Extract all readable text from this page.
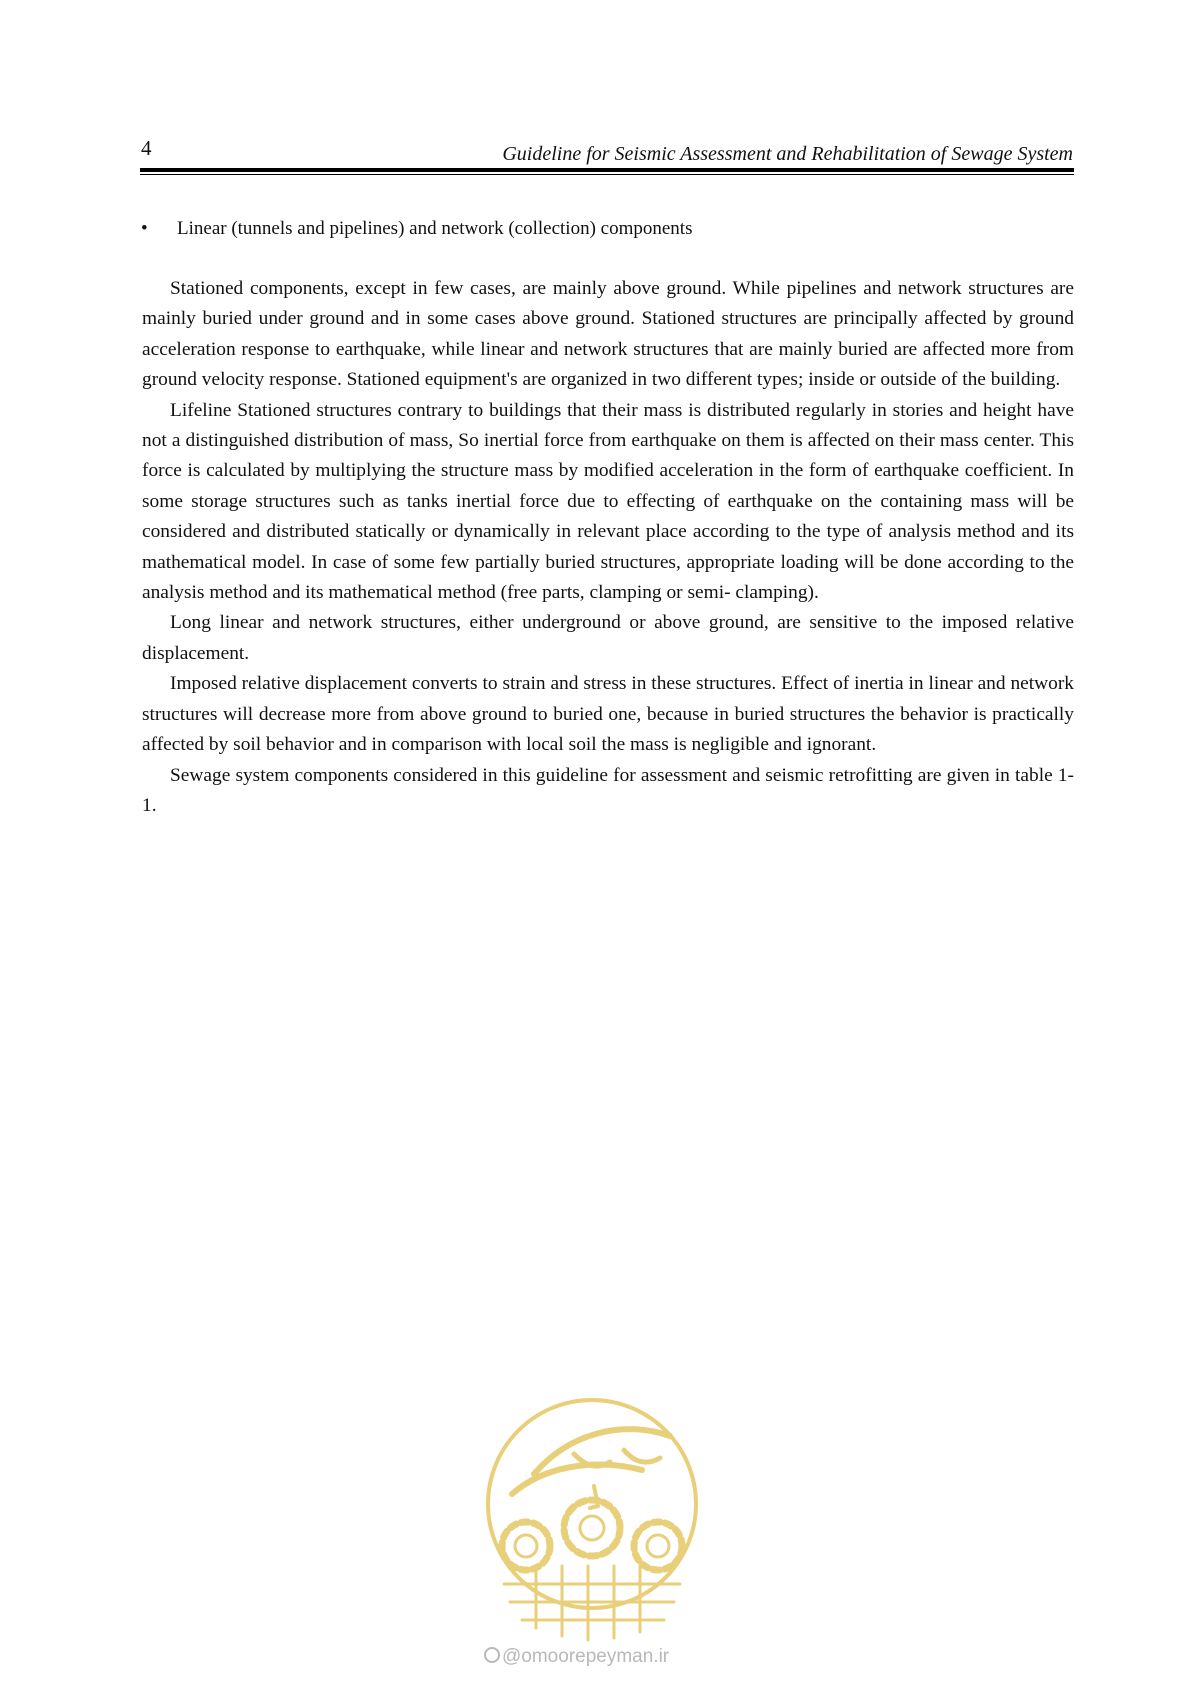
4	Guideline for Seismic Assessment and Rehabilitation of Sewage System
•	Linear (tunnels and pipelines) and network (collection) components

Stationed components, except in few cases, are mainly above ground. While pipelines and network structures are mainly buried under ground and in some cases above ground. Stationed structures are principally affected by ground acceleration response to earthquake, while linear and network structures that are mainly buried are affected more from ground velocity response. Stationed equipment's are organized in two different types; inside or outside of the building.

Lifeline Stationed structures contrary to buildings that their mass is distributed regularly in stories and height have not a distinguished distribution of mass, So inertial force from earthquake on them is affected on their mass center. This force is calculated by multiplying the structure mass by modified acceleration in the form of earthquake coefficient. In some storage structures such as tanks inertial force due to effecting of earthquake on the containing mass will be considered and distributed statically or dynamically in relevant place according to the type of analysis method and its mathematical model. In case of some few partially buried structures, appropriate loading will be done according to the analysis method and its mathematical method (free parts, clamping or semi- clamping).

Long linear and network structures, either underground or above ground, are sensitive to the imposed relative displacement.

Imposed relative displacement converts to strain and stress in these structures. Effect of inertia in linear and network structures will decrease more from above ground to buried one, because in buried structures the behavior is practically affected by soil behavior and in comparison with local soil the mass is negligible and ignorant.

Sewage system components considered in this guideline for assessment and seismic retrofitting are given in table 1-1.

@omoorepeyman.ir
